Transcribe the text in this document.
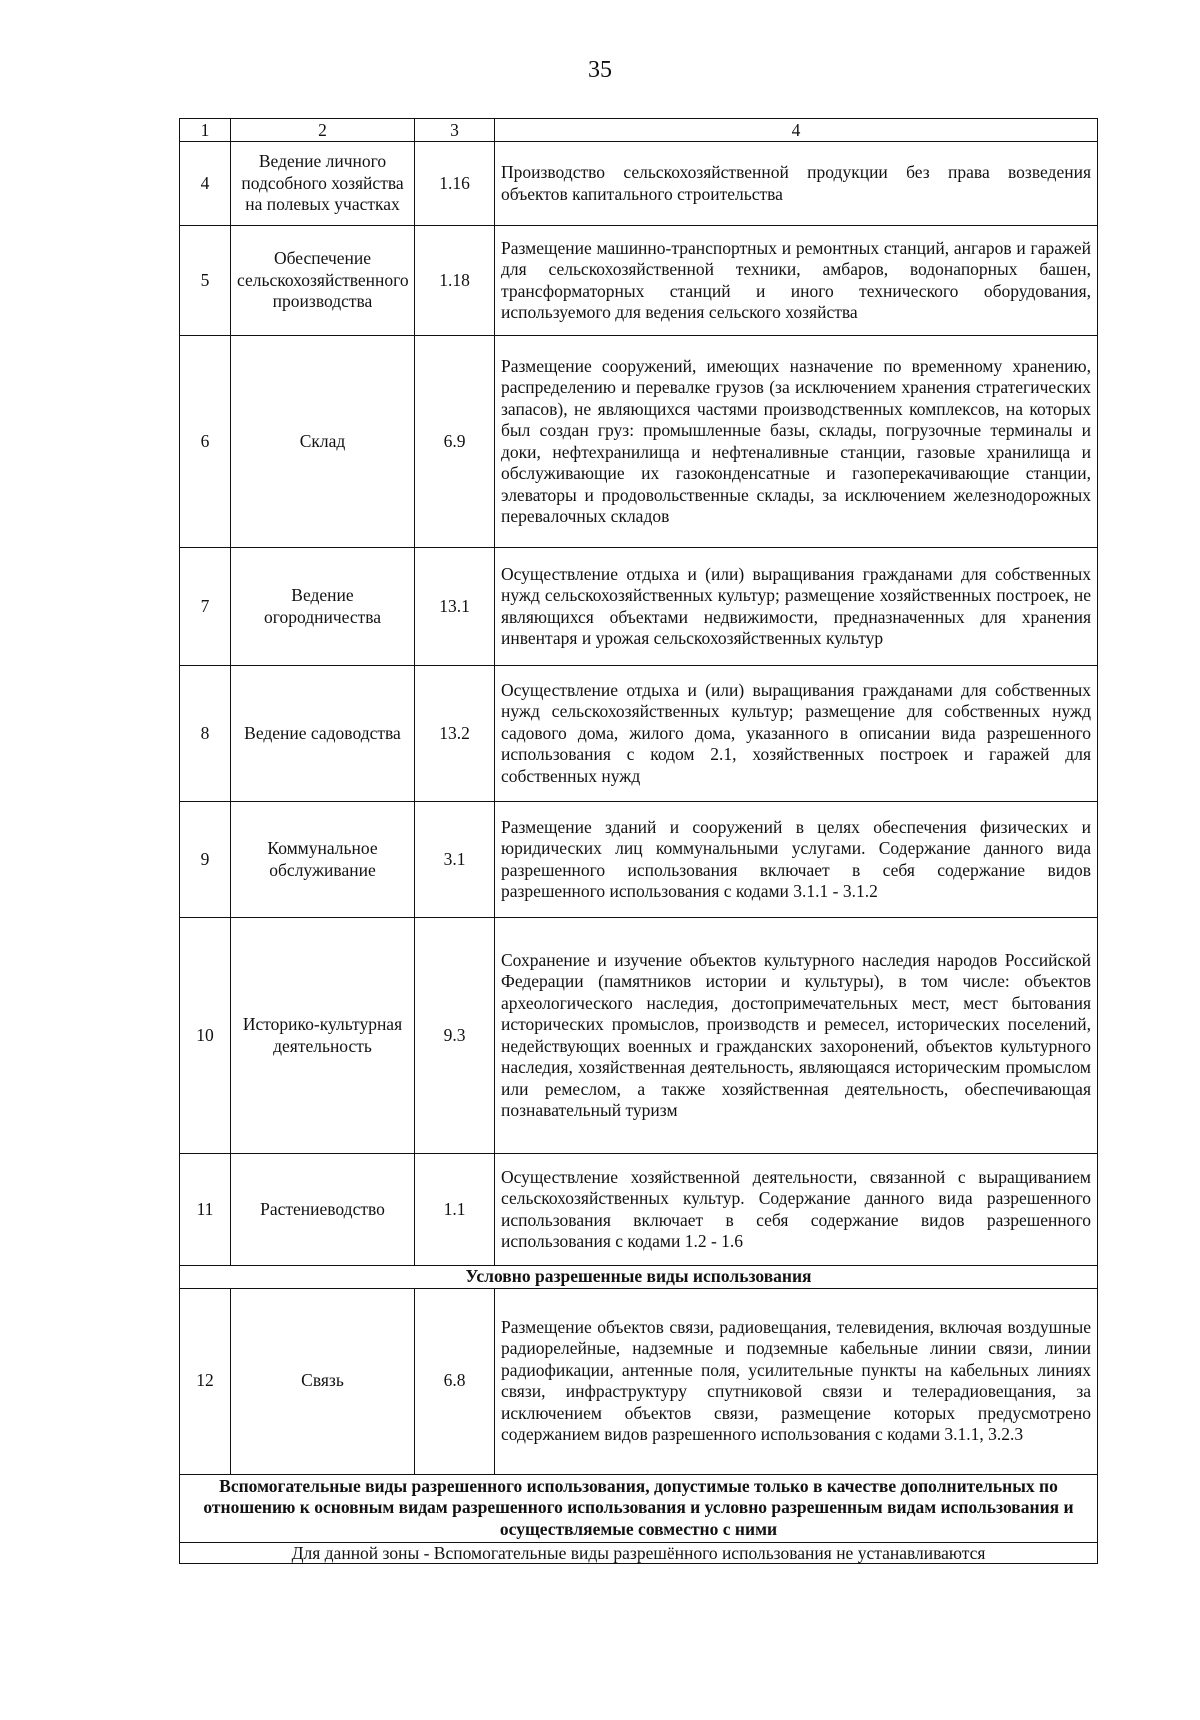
35
1	2	3	4
4	Ведение личного подсобного хозяйства на полевых участках	1.16	Производство сельскохозяйственной продукции без права возведения объектов капитального строительства
5	Обеспечение сельскохозяйственного производства	1.18	Размещение машинно-транспортных и ремонтных станций, ангаров и гаражей для сельскохозяйственной техники, амбаров, водонапорных башен, трансформаторных станций и иного технического оборудования, используемого для ведения сельского хозяйства
6	Склад	6.9	Размещение сооружений, имеющих назначение по временному хранению, распределению и перевалке грузов (за исключением хранения стратегических запасов), не являющихся частями производственных комплексов, на которых был создан груз: промышленные базы, склады, погрузочные терминалы и доки, нефтехранилища и нефтеналивные станции, газовые хранилища и обслуживающие их газоконденсатные и газоперекачивающие станции, элеваторы и продовольственные склады, за исключением железнодорожных перевалочных складов
7	Ведение огородничества	13.1	Осуществление отдыха и (или) выращивания гражданами для собственных нужд сельскохозяйственных культур; размещение хозяйственных построек, не являющихся объектами недвижимости, предназначенных для хранения инвентаря и урожая сельскохозяйственных культур
8	Ведение садоводства	13.2	Осуществление отдыха и (или) выращивания гражданами для собственных нужд сельскохозяйственных культур; размещение для собственных нужд садового дома, жилого дома, указанного в описании вида разрешенного использования с кодом 2.1, хозяйственных построек и гаражей для собственных нужд
9	Коммунальное обслуживание	3.1	Размещение зданий и сооружений в целях обеспечения физических и юридических лиц коммунальными услугами. Содержание данного вида разрешенного использования включает в себя содержание видов разрешенного использования с кодами 3.1.1 - 3.1.2
10	Историко-культурная деятельность	9.3	Сохранение и изучение объектов культурного наследия народов Российской Федерации (памятников истории и культуры), в том числе: объектов археологического наследия, достопримечательных мест, мест бытования исторических промыслов, производств и ремесел, исторических поселений, недействующих военных и гражданских захоронений, объектов культурного наследия, хозяйственная деятельность, являющаяся историческим промыслом или ремеслом, а также хозяйственная деятельность, обеспечивающая познавательный туризм
11	Растениеводство	1.1	Осуществление хозяйственной деятельности, связанной с выращиванием сельскохозяйственных культур. Содержание данного вида разрешенного использования включает в себя содержание видов разрешенного использования с кодами 1.2 - 1.6
Условно разрешенные виды использования			
12	Связь	6.8	Размещение объектов связи, радиовещания, телевидения, включая воздушные радиорелейные, надземные и подземные кабельные линии связи, линии радиофикации, антенные поля, усилительные пункты на кабельных линиях связи, инфраструктуру спутниковой связи и телерадиовещания, за исключением объектов связи, размещение которых предусмотрено содержанием видов разрешенного использования с кодами 3.1.1, 3.2.3
Вспомогательные виды разрешенного использования, допустимые только в качестве дополнительных по отношению к основным видам разрешенного использования и условно разрешенным видам использования и осуществляемые совместно с ними			
Для данной зоны - Вспомогательные виды разрешённого использования не устанавливаются			
